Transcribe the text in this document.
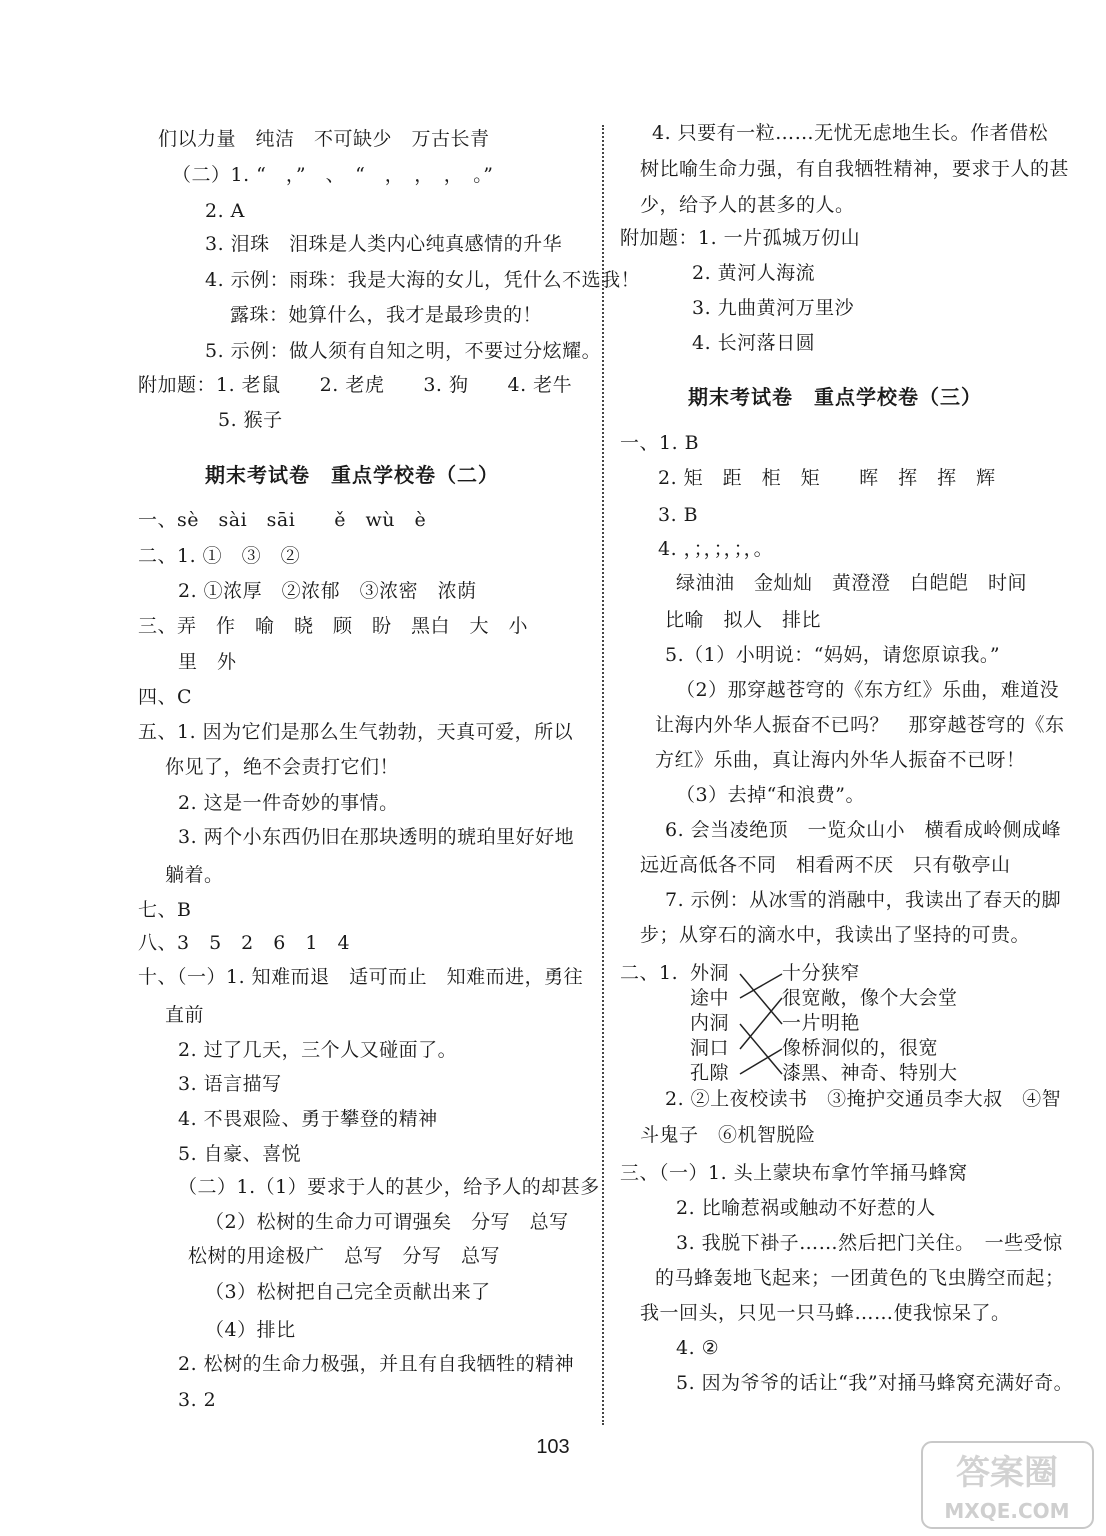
们以力量　纯洁　不可缺少　万古长青
（二）1. “　，”　、　“　，　，　，　。”
2. A
3. 泪珠　泪珠是人类内心纯真感情的升华
4. 示例：雨珠：我是大海的女儿，凭什么不选我！
露珠：她算什么，我才是最珍贵的！
5. 示例：做人须有自知之明，不要过分炫耀。
附加题：1. 老鼠　　2. 老虎　　3. 狗　　4. 老牛
5. 猴子
期末考试卷　重点学校卷（二）
一、sè　sài　sāi　　ě　wù　è
二、1. ①　③　②
2. ①浓厚　②浓郁　③浓密　浓荫
三、弄　作　喻　晓　顾　盼　黑白　大　小
里　外
四、C
五、1. 因为它们是那么生气勃勃，天真可爱，所以
你见了，绝不会责打它们！
2. 这是一件奇妙的事情。
3. 两个小东西仍旧在那块透明的琥珀里好好地
躺着。
七、B
八、3　5　2　6　1　4
十、（一）1. 知难而退　适可而止　知难而进，勇往
直前
2. 过了几天，三个人又碰面了。
3. 语言描写
4. 不畏艰险、勇于攀登的精神
5. 自豪、喜悦
（二）1.（1）要求于人的甚少，给予人的却甚多
（2）松树的生命力可谓强矣　分写　总写
松树的用途极广　总写　分写　总写
（3）松树把自己完全贡献出来了
（4）排比
2. 松树的生命力极强，并且有自我牺牲的精神
3. 2
4. 只要有一粒……无忧无虑地生长。作者借松
树比喻生命力强，有自我牺牲精神，要求于人的甚
少，给予人的甚多的人。
附加题：1. 一片孤城万仞山
2. 黄河人海流
3. 九曲黄河万里沙
4. 长河落日圆
期末考试卷　重点学校卷（三）
一、1. B
2. 矩　距　柜　矩　　晖　挥　挥　辉
3. B
4. ，；，；，；，。
绿油油　金灿灿　黄澄澄　白皑皑　时间
比喻　拟人　排比
5.（1）小明说：“妈妈，请您原谅我。”
（2）那穿越苍穹的《东方红》乐曲，难道没
让海内外华人振奋不已吗？　那穿越苍穹的《东
方红》乐曲，真让海内外华人振奋不已呀！
（3）去掉“和浪费”。
6. 会当凌绝顶　一览众山小　横看成岭侧成峰
远近高低各不同　相看两不厌　只有敬亭山
7. 示例：从冰雪的消融中，我读出了春天的脚
步；从穿石的滴水中，我读出了坚持的可贵。
二、1. 外洞
途中
内洞
洞口
孔隙
十分狭窄
很宽敞，像个大会堂
一片明艳
像桥洞似的，很宽
漆黑、神奇、特别大
2. ②上夜校读书　③掩护交通员李大叔　④智
斗鬼子　⑥机智脱险
三、（一）1. 头上蒙块布拿竹竿捅马蜂窝
2. 比喻惹祸或触动不好惹的人
3. 我脱下褂子……然后把门关住。　一些受惊
的马蜂轰地飞起来；一团黄色的飞虫腾空而起；
我一回头，只见一只马蜂……使我惊呆了。
4. ②
5. 因为爷爷的话让“我”对捅马蜂窝充满好奇。
103
答案圈
MXQE.COM
